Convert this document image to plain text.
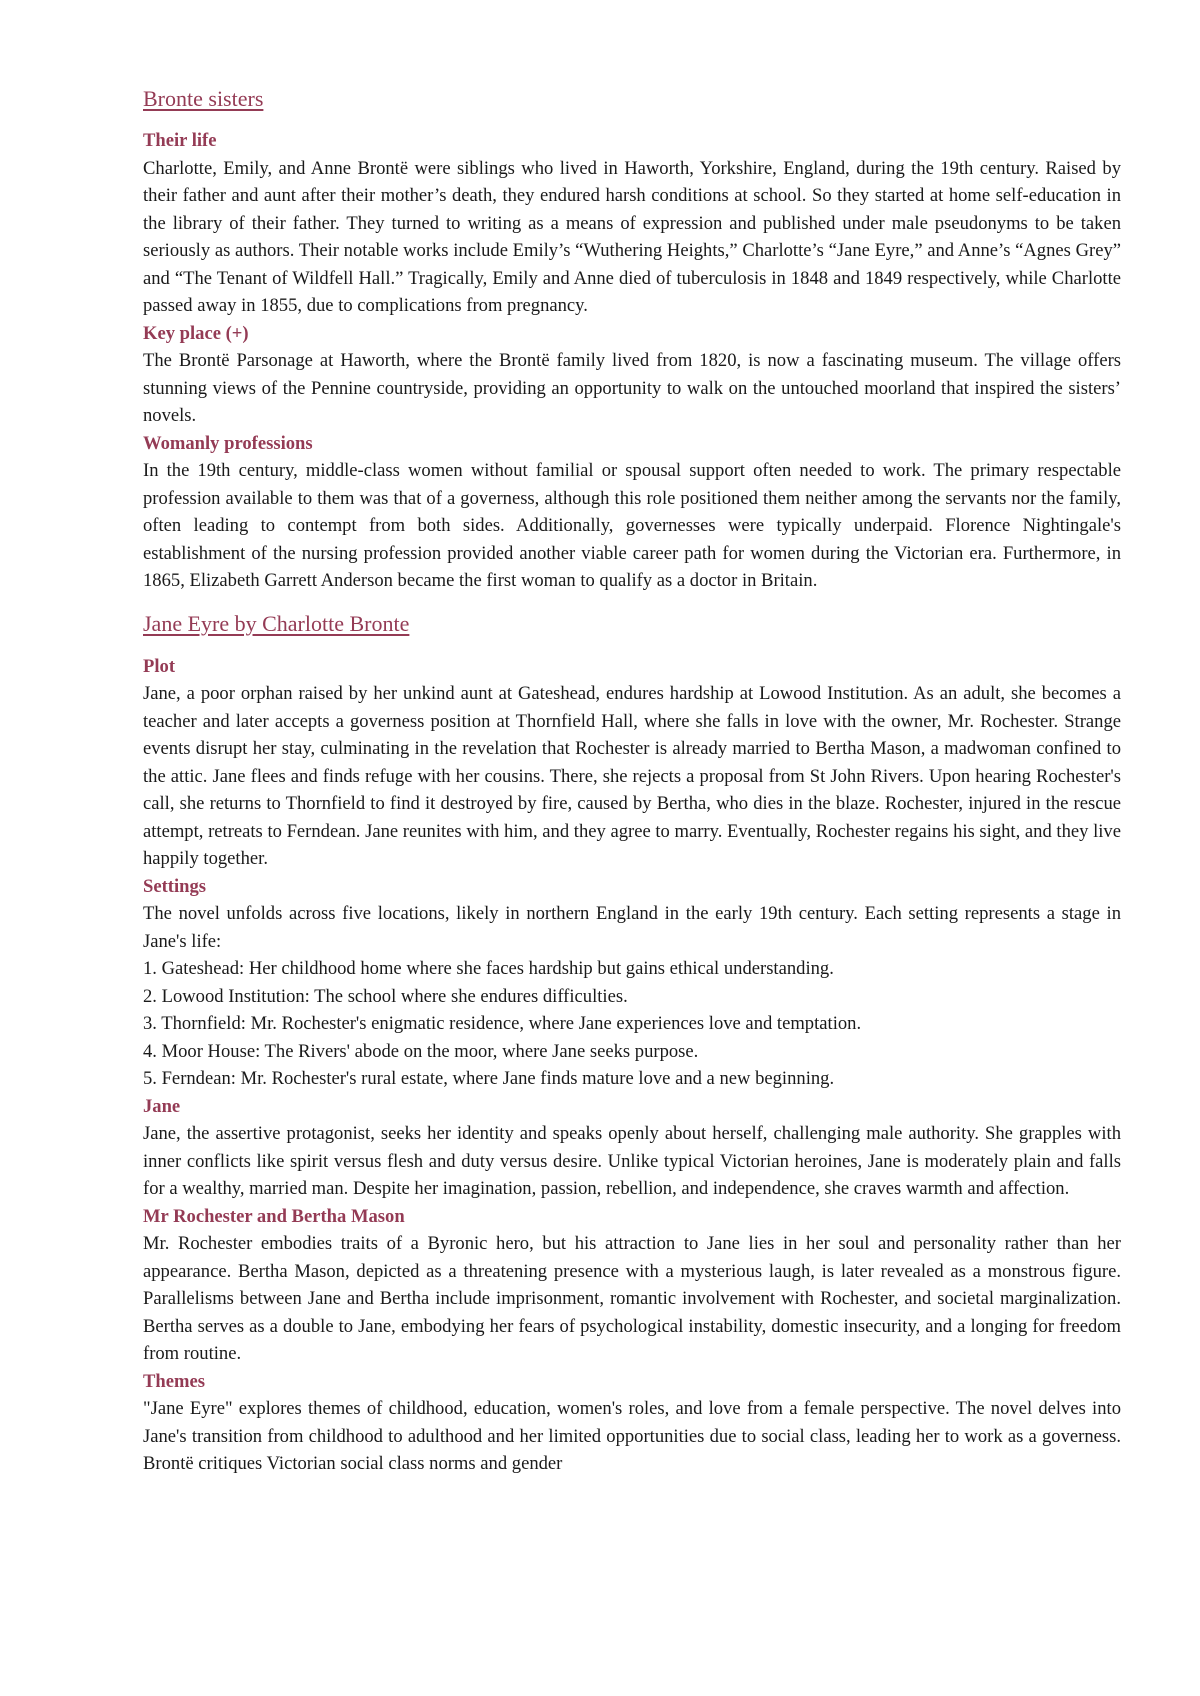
Bronte sisters
Their life

Charlotte, Emily, and Anne Brontë were siblings who lived in Haworth, Yorkshire, England, during the 19th century. Raised by their father and aunt after their mother’s death, they endured harsh conditions at school. So they started at home self-education in the library of their father. They turned to writing as a means of expression and published under male pseudonyms to be taken seriously as authors. Their notable works include Emily’s “Wuthering Heights,” Charlotte’s “Jane Eyre,” and Anne’s “Agnes Grey” and “The Tenant of Wildfell Hall.” Tragically, Emily and Anne died of tuberculosis in 1848 and 1849 respectively, while Charlotte passed away in 1855, due to complications from pregnancy.

Key place (+)

The Brontë Parsonage at Haworth, where the Brontë family lived from 1820, is now a fascinating museum. The village offers stunning views of the Pennine countryside, providing an opportunity to walk on the untouched moorland that inspired the sisters’ novels.

Womanly professions

In the 19th century, middle-class women without familial or spousal support often needed to work. The primary respectable profession available to them was that of a governess, although this role positioned them neither among the servants nor the family, often leading to contempt from both sides. Additionally, governesses were typically underpaid. Florence Nightingale's establishment of the nursing profession provided another viable career path for women during the Victorian era. Furthermore, in 1865, Elizabeth Garrett Anderson became the first woman to qualify as a doctor in Britain.

Jane Eyre by Charlotte Bronte
Plot

Jane, a poor orphan raised by her unkind aunt at Gateshead, endures hardship at Lowood Institution. As an adult, she becomes a teacher and later accepts a governess position at Thornfield Hall, where she falls in love with the owner, Mr. Rochester. Strange events disrupt her stay, culminating in the revelation that Rochester is already married to Bertha Mason, a madwoman confined to the attic. Jane flees and finds refuge with her cousins. There, she rejects a proposal from St John Rivers. Upon hearing Rochester's call, she returns to Thornfield to find it destroyed by fire, caused by Bertha, who dies in the blaze. Rochester, injured in the rescue attempt, retreats to Ferndean. Jane reunites with him, and they agree to marry. Eventually, Rochester regains his sight, and they live happily together.

Settings

The novel unfolds across five locations, likely in northern England in the early 19th century. Each setting represents a stage in Jane's life:

1. Gateshead: Her childhood home where she faces hardship but gains ethical understanding.
2. Lowood Institution: The school where she endures difficulties.
3. Thornfield: Mr. Rochester's enigmatic residence, where Jane experiences love and temptation.
4. Moor House: The Rivers' abode on the moor, where Jane seeks purpose.
5. Ferndean: Mr. Rochester's rural estate, where Jane finds mature love and a new beginning.
Jane

Jane, the assertive protagonist, seeks her identity and speaks openly about herself, challenging male authority. She grapples with inner conflicts like spirit versus flesh and duty versus desire. Unlike typical Victorian heroines, Jane is moderately plain and falls for a wealthy, married man. Despite her imagination, passion, rebellion, and independence, she craves warmth and affection.

Mr Rochester and Bertha Mason

Mr. Rochester embodies traits of a Byronic hero, but his attraction to Jane lies in her soul and personality rather than her appearance. Bertha Mason, depicted as a threatening presence with a mysterious laugh, is later revealed as a monstrous figure. Parallelisms between Jane and Bertha include imprisonment, romantic involvement with Rochester, and societal marginalization. Bertha serves as a double to Jane, embodying her fears of psychological instability, domestic insecurity, and a longing for freedom from routine.

Themes

"Jane Eyre" explores themes of childhood, education, women's roles, and love from a female perspective. The novel delves into Jane's transition from childhood to adulthood and her limited opportunities due to social class, leading her to work as a governess. Brontë critiques Victorian social class norms and gender
